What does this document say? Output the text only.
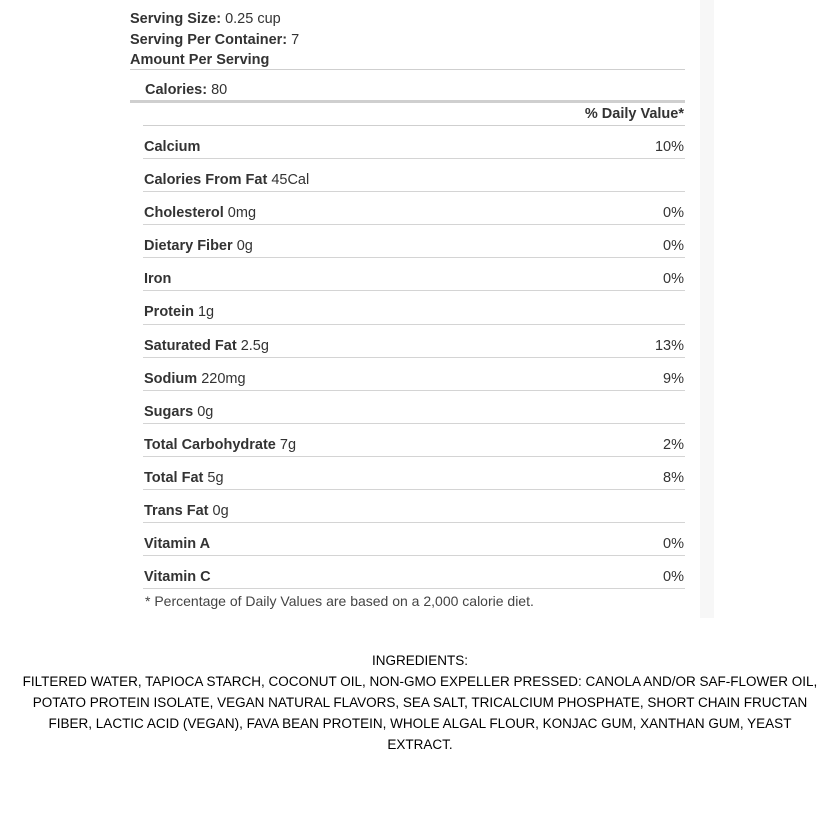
Serving Size: 0.25 cup
Serving Per Container: 7
Amount Per Serving
Calories: 80
% Daily Value*
Calcium	10%
Calories From Fat 45Cal
Cholesterol 0mg	0%
Dietary Fiber 0g	0%
Iron	0%
Protein 1g
Saturated Fat 2.5g	13%
Sodium 220mg	9%
Sugars 0g
Total Carbohydrate 7g	2%
Total Fat 5g	8%
Trans Fat 0g
Vitamin A	0%
Vitamin C	0%
* Percentage of Daily Values are based on a 2,000 calorie diet.
INGREDIENTS:
FILTERED WATER, TAPIOCA STARCH, COCONUT OIL, NON-GMO EXPELLER PRESSED: CANOLA AND/OR SAF-FLOWER OIL, POTATO PROTEIN ISOLATE, VEGAN NATURAL FLAVORS, SEA SALT, TRICALCIUM PHOSPHATE, SHORT CHAIN FRUCTAN FIBER, LACTIC ACID (VEGAN), FAVA BEAN PROTEIN, WHOLE ALGAL FLOUR, KONJAC GUM, XANTHAN GUM, YEAST EXTRACT.
